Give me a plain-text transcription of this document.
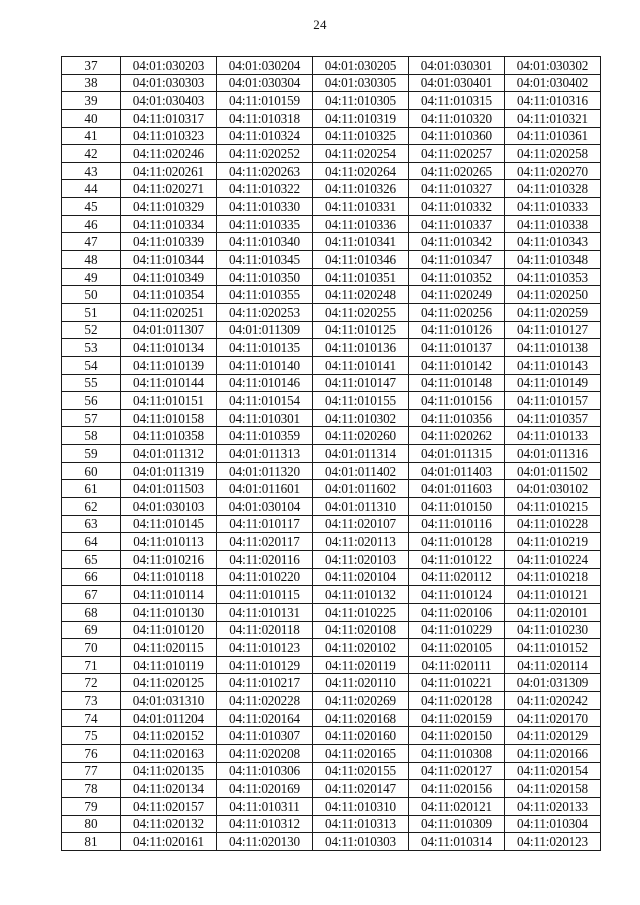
24
37	04:01:030203	04:01:030204	04:01:030205	04:01:030301	04:01:030302
38	04:01:030303	04:01:030304	04:01:030305	04:01:030401	04:01:030402
39	04:01:030403	04:11:010159	04:11:010305	04:11:010315	04:11:010316
40	04:11:010317	04:11:010318	04:11:010319	04:11:010320	04:11:010321
41	04:11:010323	04:11:010324	04:11:010325	04:11:010360	04:11:010361
42	04:11:020246	04:11:020252	04:11:020254	04:11:020257	04:11:020258
43	04:11:020261	04:11:020263	04:11:020264	04:11:020265	04:11:020270
44	04:11:020271	04:11:010322	04:11:010326	04:11:010327	04:11:010328
45	04:11:010329	04:11:010330	04:11:010331	04:11:010332	04:11:010333
46	04:11:010334	04:11:010335	04:11:010336	04:11:010337	04:11:010338
47	04:11:010339	04:11:010340	04:11:010341	04:11:010342	04:11:010343
48	04:11:010344	04:11:010345	04:11:010346	04:11:010347	04:11:010348
49	04:11:010349	04:11:010350	04:11:010351	04:11:010352	04:11:010353
50	04:11:010354	04:11:010355	04:11:020248	04:11:020249	04:11:020250
51	04:11:020251	04:11:020253	04:11:020255	04:11:020256	04:11:020259
52	04:01:011307	04:01:011309	04:11:010125	04:11:010126	04:11:010127
53	04:11:010134	04:11:010135	04:11:010136	04:11:010137	04:11:010138
54	04:11:010139	04:11:010140	04:11:010141	04:11:010142	04:11:010143
55	04:11:010144	04:11:010146	04:11:010147	04:11:010148	04:11:010149
56	04:11:010151	04:11:010154	04:11:010155	04:11:010156	04:11:010157
57	04:11:010158	04:11:010301	04:11:010302	04:11:010356	04:11:010357
58	04:11:010358	04:11:010359	04:11:020260	04:11:020262	04:11:010133
59	04:01:011312	04:01:011313	04:01:011314	04:01:011315	04:01:011316
60	04:01:011319	04:01:011320	04:01:011402	04:01:011403	04:01:011502
61	04:01:011503	04:01:011601	04:01:011602	04:01:011603	04:01:030102
62	04:01:030103	04:01:030104	04:01:011310	04:11:010150	04:11:010215
63	04:11:010145	04:11:010117	04:11:020107	04:11:010116	04:11:010228
64	04:11:010113	04:11:020117	04:11:020113	04:11:010128	04:11:010219
65	04:11:010216	04:11:020116	04:11:020103	04:11:010122	04:11:010224
66	04:11:010118	04:11:010220	04:11:020104	04:11:020112	04:11:010218
67	04:11:010114	04:11:010115	04:11:010132	04:11:010124	04:11:010121
68	04:11:010130	04:11:010131	04:11:010225	04:11:020106	04:11:020101
69	04:11:010120	04:11:020118	04:11:020108	04:11:010229	04:11:010230
70	04:11:020115	04:11:010123	04:11:020102	04:11:020105	04:11:010152
71	04:11:010119	04:11:010129	04:11:020119	04:11:020111	04:11:020114
72	04:11:020125	04:11:010217	04:11:020110	04:11:010221	04:01:031309
73	04:01:031310	04:11:020228	04:11:020269	04:11:020128	04:11:020242
74	04:01:011204	04:11:020164	04:11:020168	04:11:020159	04:11:020170
75	04:11:020152	04:11:010307	04:11:020160	04:11:020150	04:11:020129
76	04:11:020163	04:11:020208	04:11:020165	04:11:010308	04:11:020166
77	04:11:020135	04:11:010306	04:11:020155	04:11:020127	04:11:020154
78	04:11:020134	04:11:020169	04:11:020147	04:11:020156	04:11:020158
79	04:11:020157	04:11:010311	04:11:010310	04:11:020121	04:11:020133
80	04:11:020132	04:11:010312	04:11:010313	04:11:010309	04:11:010304
81	04:11:020161	04:11:020130	04:11:010303	04:11:010314	04:11:020123
